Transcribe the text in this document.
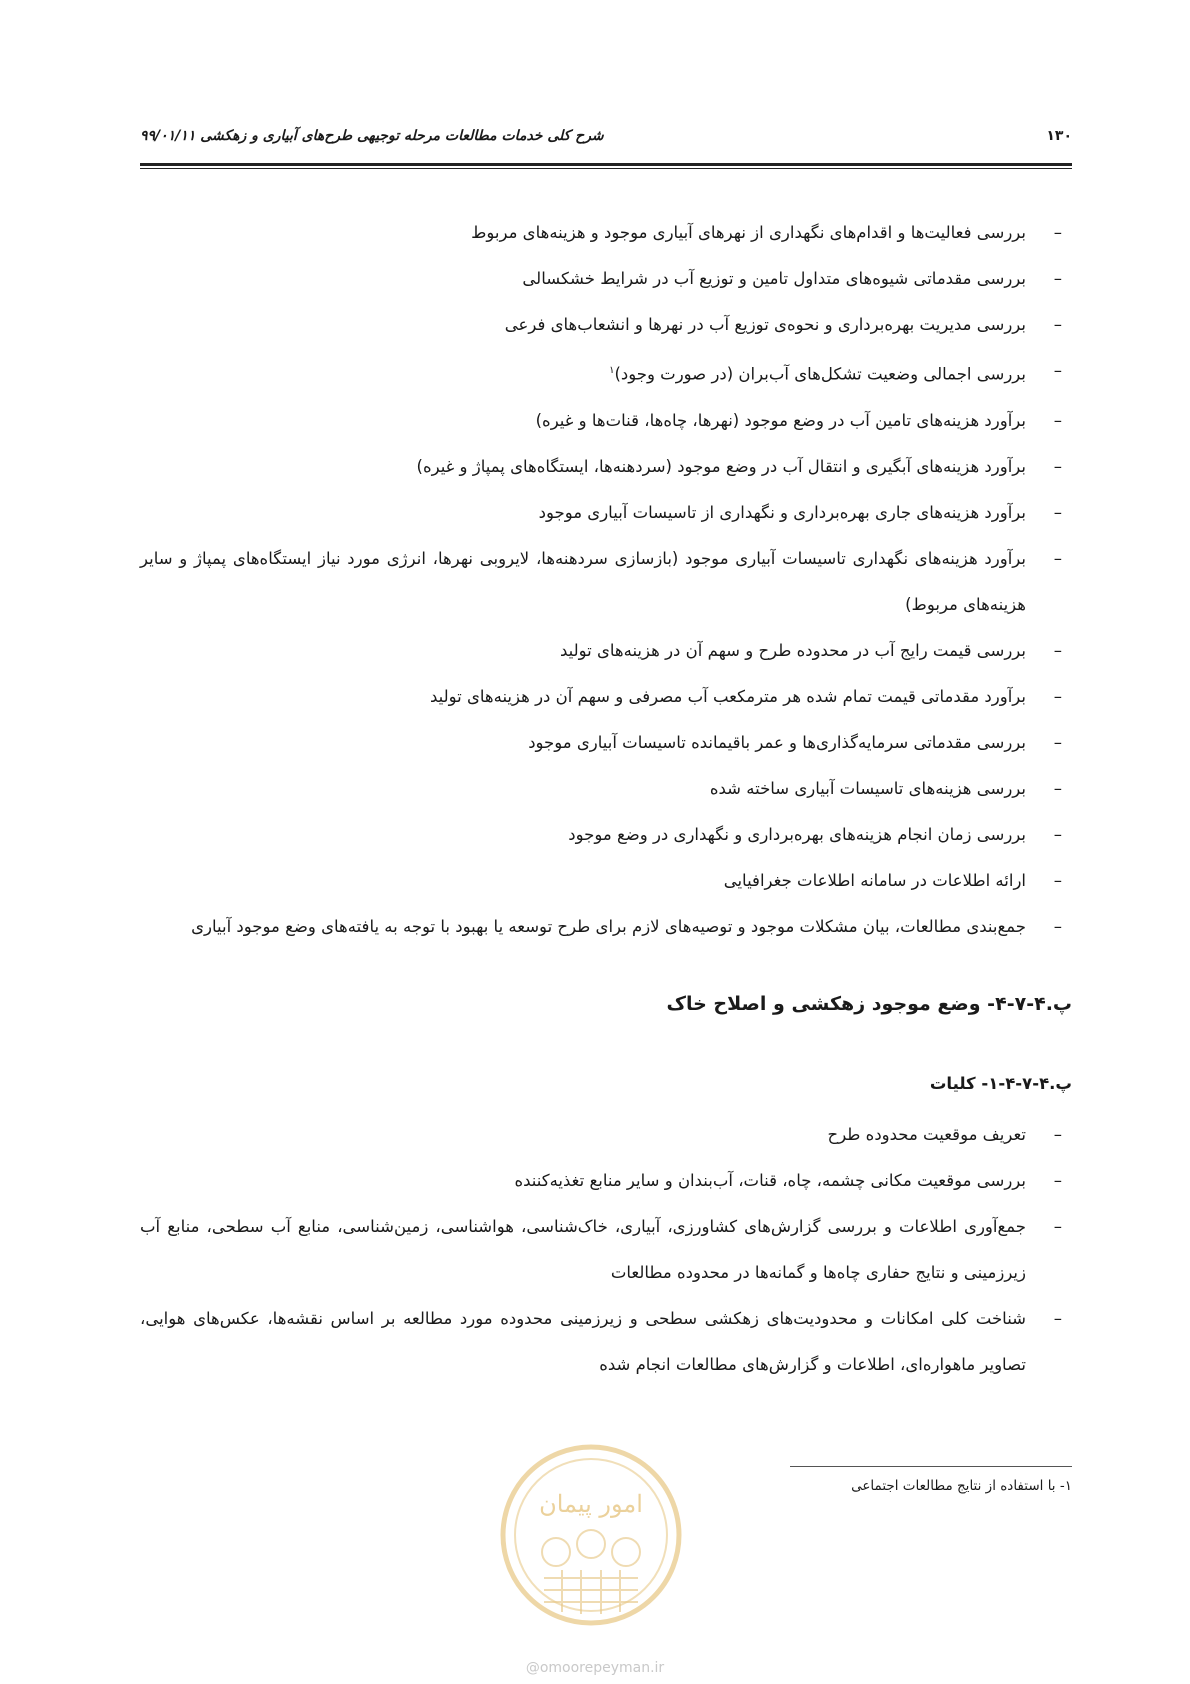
۱۳۰
شرح کلی خدمات مطالعات مرحله توجیهی طرح‌های آبیاری و زهکشی ۹۹/۰۱/۱۱
–
بررسی فعالیت‌ها و اقدام‌های نگهداری از نهرهای آبیاری موجود و هزینه‌های مربوط
–
بررسی مقدماتی شیوه‌های متداول تامین و توزیع آب در شرایط خشکسالی
–
بررسی مدیریت بهره‌برداری و نحوه‌ی توزیع آب در نهرها و انشعاب‌های فرعی
–
بررسی اجمالی وضعیت تشکل‌های آب‌بران (در صورت وجود)$^۱$
–
برآورد هزینه‌های تامین آب در وضع موجود (نهرها، چاه‌ها، قنات‌ها و غیره)
–
برآورد هزینه‌های آبگیری و انتقال آب در وضع موجود (سردهنه‌ها، ایستگاه‌های پمپاژ و غیره)
–
برآورد هزینه‌های جاری بهره‌برداری و نگهداری از تاسیسات آبیاری موجود
–
برآورد هزینه‌های نگهداری تاسیسات آبیاری موجود (بازسازی سردهنه‌ها، لایروبی نهرها، انرژی مورد نیاز ایستگاه‌های پمپاژ و سایر هزینه‌های مربوط)
–
بررسی قیمت رایج آب در محدوده طرح و سهم آن در هزینه‌های تولید
–
برآورد مقدماتی قیمت تمام شده هر مترمکعب آب مصرفی و سهم آن در هزینه‌های تولید
–
بررسی مقدماتی سرمایه‌گذاری‌ها و عمر باقیمانده تاسیسات آبیاری موجود
–
بررسی هزینه‌های تاسیسات آبیاری ساخته شده
–
بررسی زمان انجام هزینه‌های بهره‌برداری و نگهداری در وضع موجود
–
ارائه اطلاعات در سامانه اطلاعات جغرافیایی
–
جمع‌بندی مطالعات، بیان مشکلات موجود و توصیه‌های لازم برای طرح توسعه یا بهبود با توجه به یافته‌های وضع موجود آبیاری
پ.۴-۷-۴- وضع موجود زهکشی و اصلاح خاک
پ.۴-۷-۴-۱- کلیات
–
تعریف موقعیت محدوده طرح
–
بررسی موقعیت مکانی چشمه، چاه، قنات، آب‌بندان و سایر منابع تغذیه‌کننده
–
جمع‌آوری اطلاعات و بررسی گزارش‌های کشاورزی، آبیاری، خاک‌شناسی، هواشناسی، زمین‌شناسی، منابع آب سطحی، منابع آب زیرزمینی و نتایج حفاری چاه‌ها و گمانه‌ها در محدوده مطالعات
–
شناخت کلی امکانات و محدودیت‌های زهکشی سطحی و زیرزمینی محدوده مورد مطالعه بر اساس نقشه‌ها، عکس‌های هوایی، تصاویر ماهواره‌ای، اطلاعات و گزارش‌های مطالعات انجام شده
۱- با استفاده از نتایج مطالعات اجتماعی
امور پیمان
@omoorepeyman.ir
